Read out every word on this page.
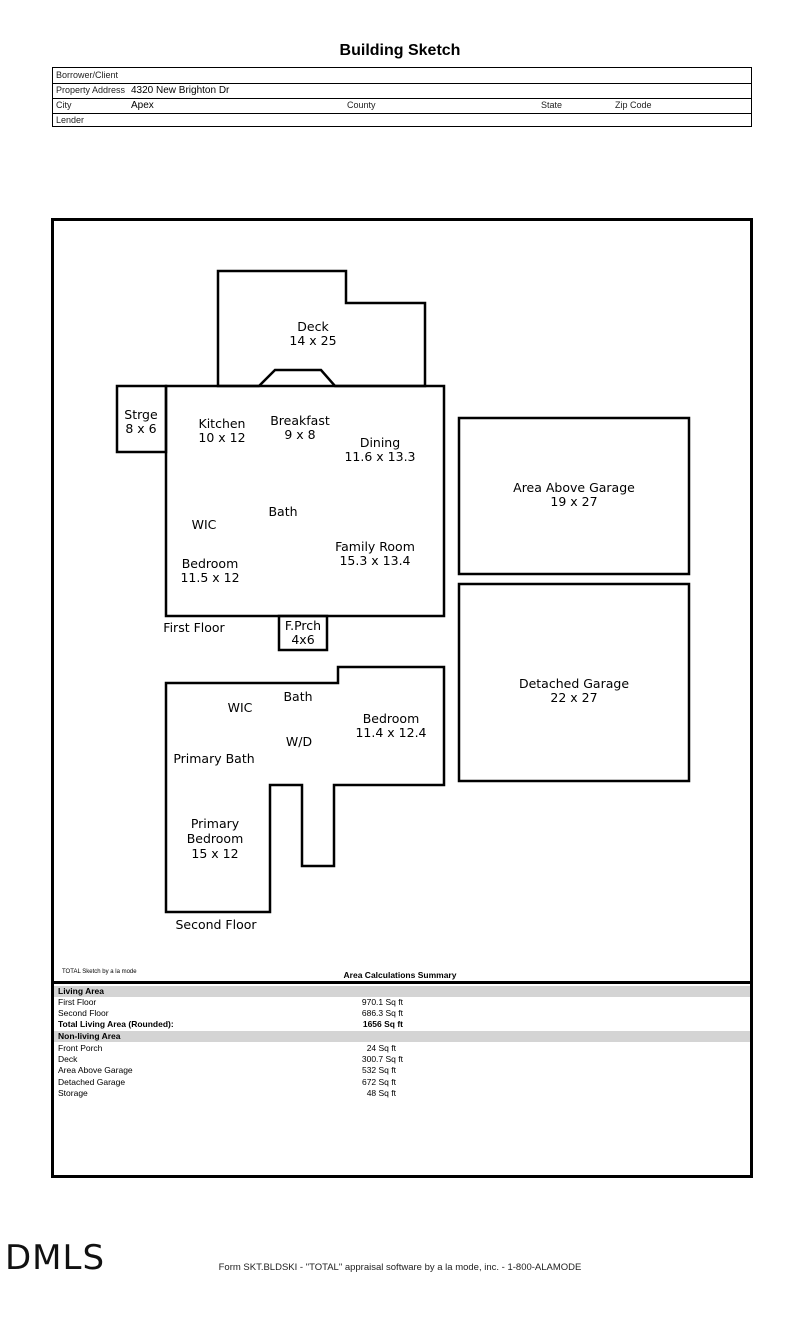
Building Sketch
Borrower/Client
Property Address 4320 New Brighton Dr
City	Apex	County	State	Zip Code
Lender
Deck
14 x 25
Strge
8 x 6	Kitchen
10 x 12
Breakfast
9 x 8
Dining
11.6 x 13.3
WIC
Bath
Bedroom
11.5 x 12
Family Room
15.3 x 13.4
First Floor	F.Prch
4x6
Bath
WIC
Bedroom
11.4 x 12.4
W/D
Primary Bath
Primary
Bedroom
15 x 12
Second Floor
Area Above Garage
19 x 27
Detached Garage
22 x 27
TOTAL Sketch by a la mode	Area Calculations Summary
Living Area
First Floor	970.1 Sq ft
Second Floor	686.3 Sq ft
Total Living Area (Rounded):	1656 Sq ft
Non-living Area
Front Porch	24 Sq ft
Deck	300.7 Sq ft
Area Above Garage	532 Sq ft
Detached Garage	672 Sq ft
Storage	48 Sq ft
DMLS	Form SKT.BLDSKI - "TOTAL" appraisal software by a la mode, inc. - 1-800-ALAMODE
